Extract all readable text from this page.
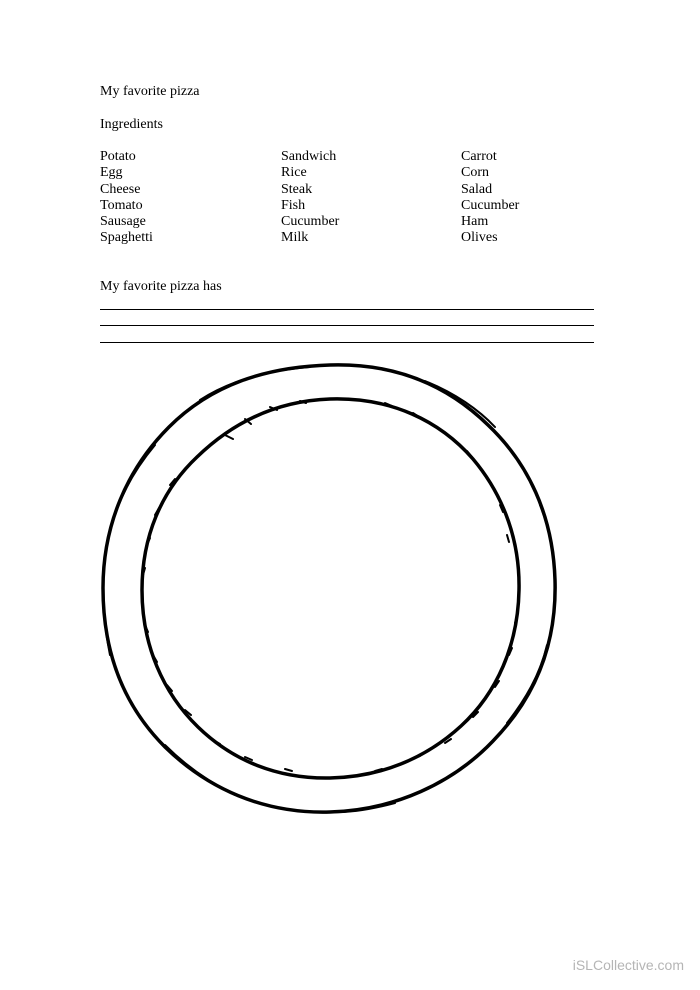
My favorite pizza
Ingredients
Potato
Egg
Cheese
Tomato
Sausage
Spaghetti
Sandwich
Rice
Steak
Fish
Cucumber
Milk
Carrot
Corn
Salad
Cucumber
Ham
Olives
My favorite pizza has
iSLCollective.com
